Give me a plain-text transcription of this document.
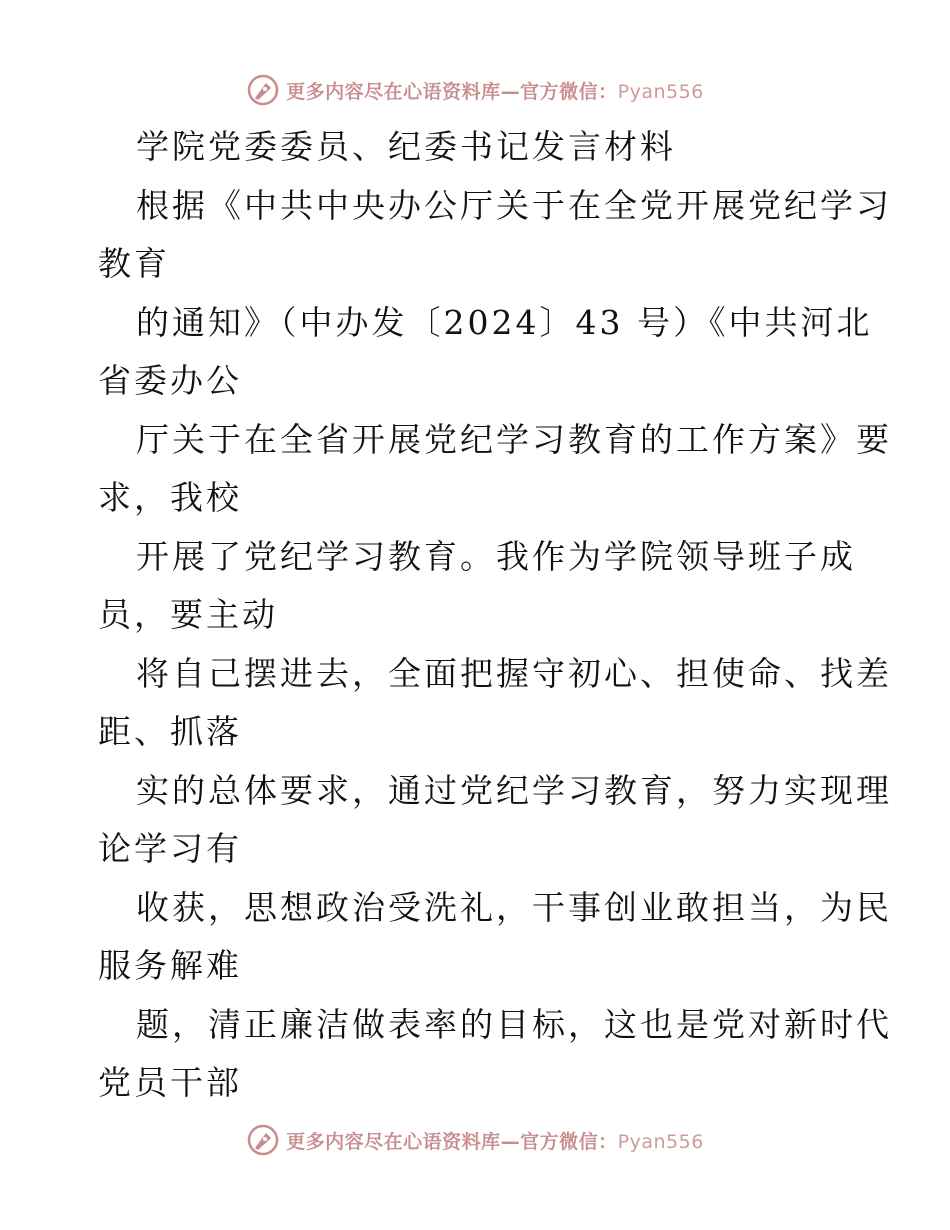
更多内容尽在心语资料库—官方微信：Pyan556
学院党委委员、纪委书记发言材料
根据《中共中央办公厅关于在全党开展党纪学习
教育
的通知》（中办发〔2024〕43 号）《中共河北
省委办公
厅关于在全省开展党纪学习教育的工作方案》要
求，我校
开展了党纪学习教育。我作为学院领导班子成
员，要主动
将自己摆进去，全面把握守初心、担使命、找差
距、抓落
实的总体要求，通过党纪学习教育，努力实现理
论学习有
收获，思想政治受洗礼，干事创业敢担当，为民
服务解难
题，清正廉洁做表率的目标，这也是党对新时代
党员干部
更多内容尽在心语资料库—官方微信：Pyan556
